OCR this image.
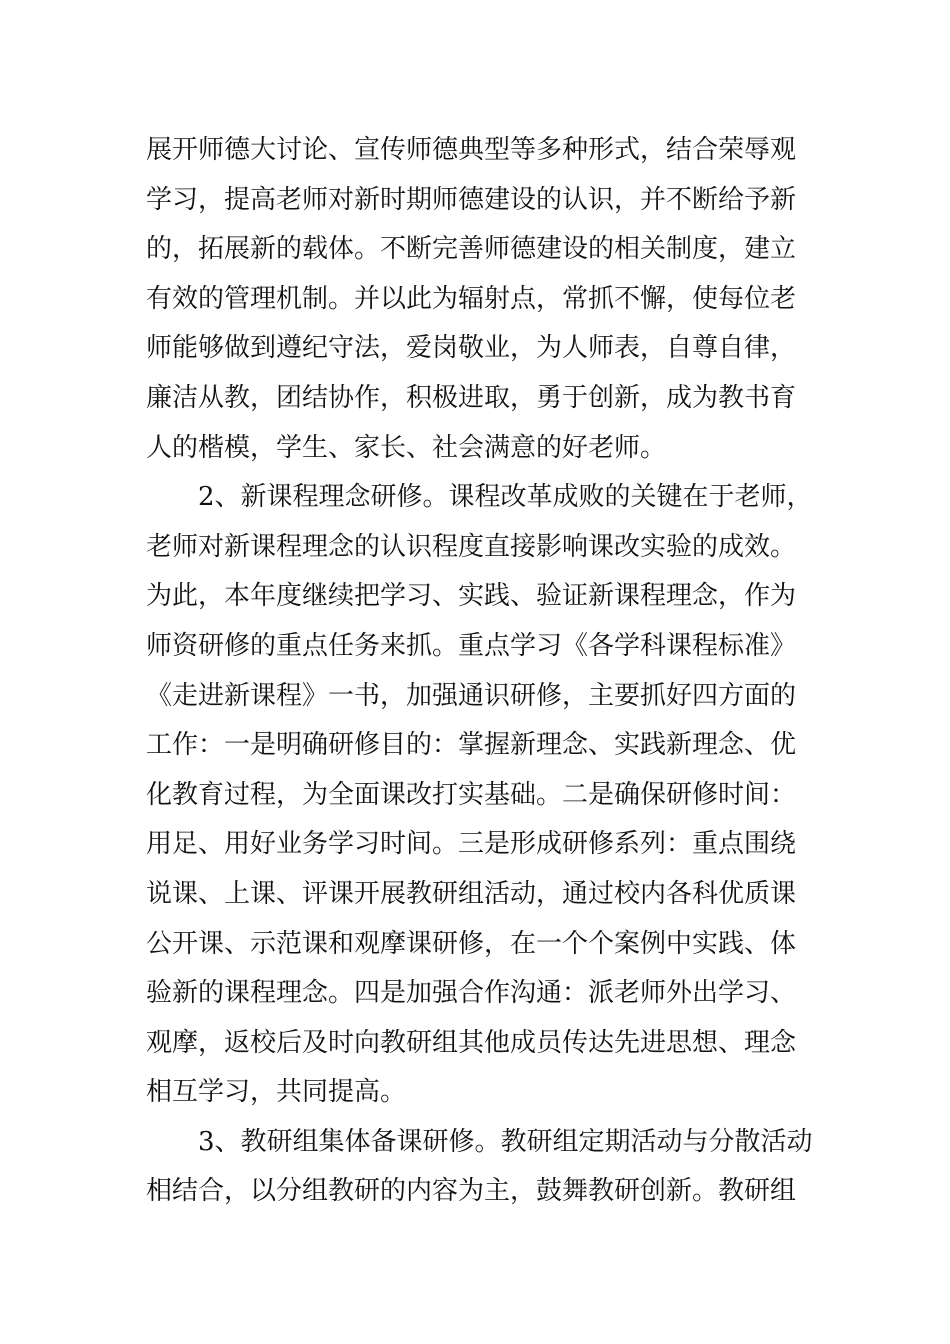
展开师德大讨论、宣传师德典型等多种形式，结合荣辱观
学习，提高老师对新时期师德建设的认识，并不断给予新
的，拓展新的载体。不断完善师德建设的相关制度，建立
有效的管理机制。并以此为辐射点，常抓不懈，使每位老
师能够做到遵纪守法，爱岗敬业，为人师表，自尊自律，
廉洁从教，团结协作，积极进取，勇于创新，成为教书育
人的楷模，学生、家长、社会满意的好老师。
　　2、新课程理念研修。课程改革成败的关键在于老师，
老师对新课程理念的认识程度直接影响课改实验的成效。
为此，本年度继续把学习、实践、验证新课程理念，作为
师资研修的重点任务来抓。重点学习《各学科课程标准》
《走进新课程》一书，加强通识研修，主要抓好四方面的
工作：一是明确研修目的：掌握新理念、实践新理念、优
化教育过程，为全面课改打实基础。二是确保研修时间：
用足、用好业务学习时间。三是形成研修系列：重点围绕
说课、上课、评课开展教研组活动，通过校内各科优质课
公开课、示范课和观摩课研修，在一个个案例中实践、体
验新的课程理念。四是加强合作沟通：派老师外出学习、
观摩，返校后及时向教研组其他成员传达先进思想、理念
相互学习，共同提高。
　　3、教研组集体备课研修。教研组定期活动与分散活动
相结合，以分组教研的内容为主，鼓舞教研创新。教研组
